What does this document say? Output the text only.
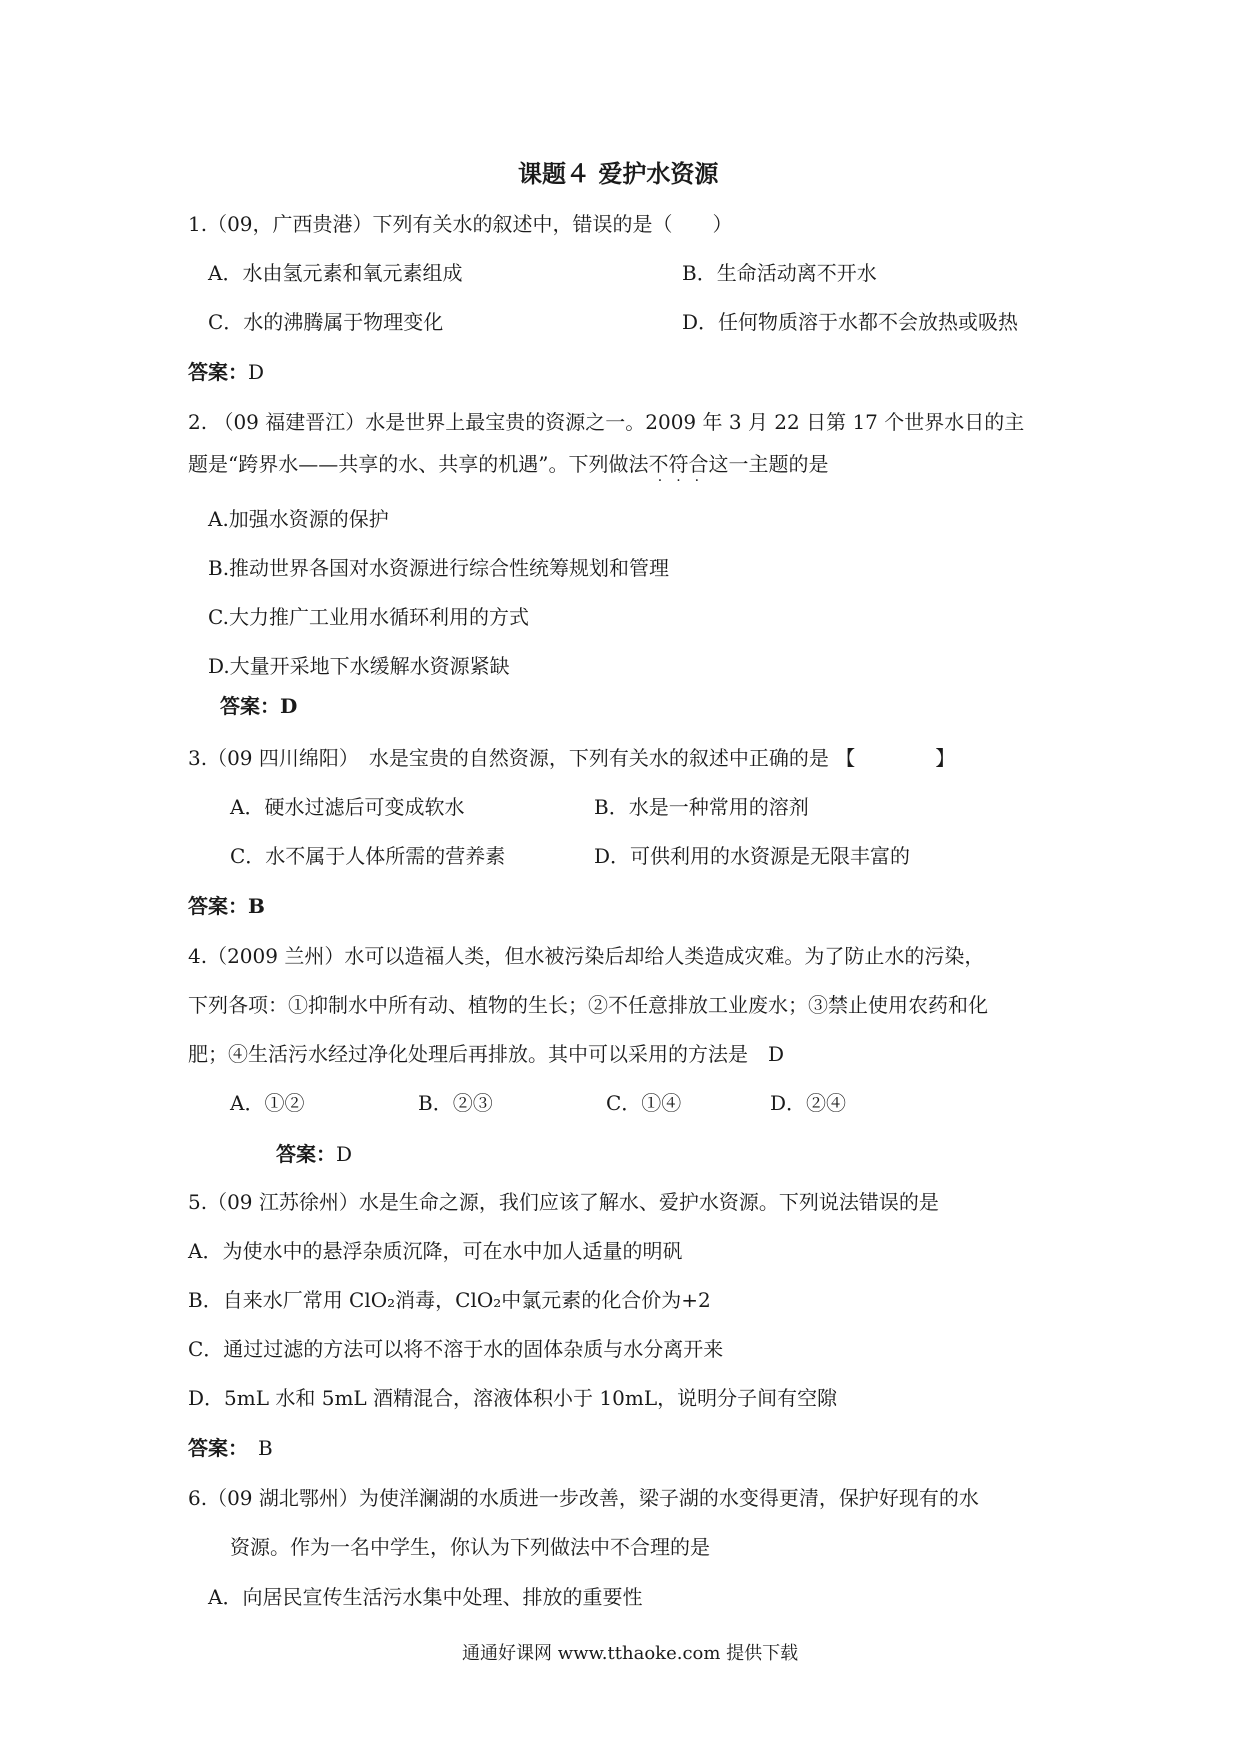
课题４ 爱护水资源
1.（09，广西贵港）下列有关水的叙述中，错误的是（　　）
A．水由氢元素和氧元素组成	B．生命活动离不开水
C．水的沸腾属于物理变化	D．任何物质溶于水都不会放热或吸热
答案：D
2. （09 福建晋江）水是世界上最宝贵的资源之一。2009 年 3 月 22 日第 17 个世界水日的主
题是“跨界水——共享的水、共享的机遇”。下列做法不符合
· · ·
这一主题的是
A.加强水资源的保护
B.推动世界各国对水资源进行综合性统筹规划和管理
C.大力推广工业用水循环利用的方式
D.大量开采地下水缓解水资源紧缺
答案：D
3.（09 四川绵阳）　水是宝贵的自然资源，下列有关水的叙述中正确的是 【　　　　】
A．硬水过滤后可变成软水	B．水是一种常用的溶剂
C．水不属于人体所需的营养素	D．可供利用的水资源是无限丰富的
答案：B
4.（2009 兰州）水可以造福人类，但水被污染后却给人类造成灾难。为了防止水的污染，
下列各项：①抑制水中所有动、植物的生长；②不任意排放工业废水；③禁止使用农药和化
肥；④生活污水经过净化处理后再排放。其中可以采用的方法是　D
A．①②	B．②③	C．①④	D．②④
答案：D
5.（09 江苏徐州）水是生命之源，我们应该了解水、爱护水资源。下列说法错误的是
A．为使水中的悬浮杂质沉降，可在水中加人适量的明矾
B．自来水厂常用 ClO₂消毒，ClO₂中氯元素的化合价为+2
C．通过过滤的方法可以将不溶于水的固体杂质与水分离开来
D．5mL 水和 5mL 酒精混合，溶液体积小于 10mL，说明分子间有空隙
答案：　B
6.（09 湖北鄂州）为使洋澜湖的水质进一步改善，梁子湖的水变得更清，保护好现有的水
资源。作为一名中学生，你认为下列做法中不合理的是
A．向居民宣传生活污水集中处理、排放的重要性
通通好课网 www.tthaoke.com 提供下载
